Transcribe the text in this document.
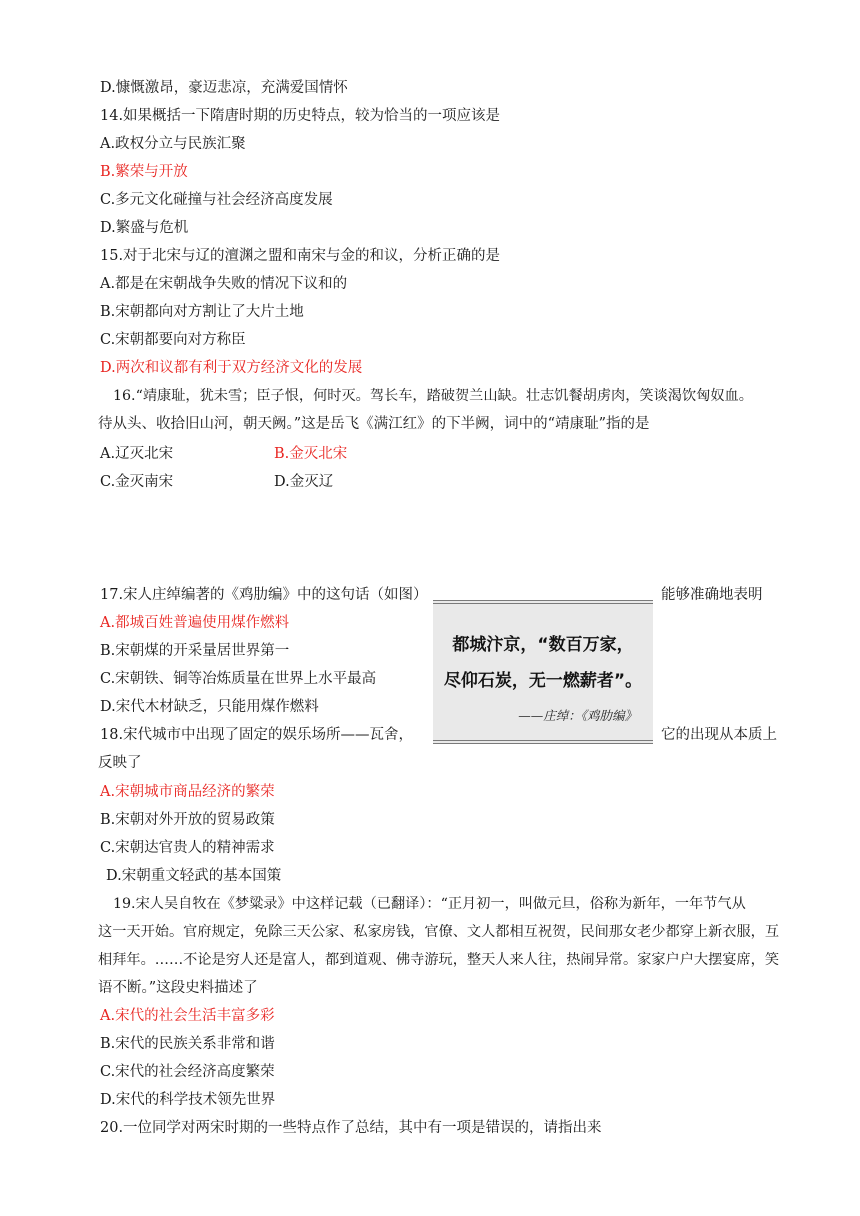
D.慷慨激昂，豪迈悲凉，充满爱国情怀

14.如果概括一下隋唐时期的历史特点，较为恰当的一项应该是

A.政权分立与民族汇聚

B.繁荣与开放

C.多元文化碰撞与社会经济高度发展

D.繁盛与危机

15.对于北宋与辽的澶渊之盟和南宋与金的和议，分析正确的是

A.都是在宋朝战争失败的情况下议和的

B.宋朝都向对方割让了大片土地

C.宋朝都要向对方称臣

D.两次和议都有利于双方经济文化的发展

16.“靖康耻，犹未雪；臣子恨，何时灭。驾长车，踏破贺兰山缺。壮志饥餐胡虏肉，笑谈渴饮匈奴血。

待从头、收拾旧山河，朝天阙。”这是岳飞《满江红》的下半阙，词中的“靖康耻”指的是

A.辽灭北宋	B.金灭北宋

C.金灭南宋	D.金灭辽

17.宋人庄绰编著的《鸡肋编》中的这句话（如图）	能够准确地表明

A.都城百姓普遍使用煤作燃料

B.宋朝煤的开采量居世界第一

C.宋朝铁、铜等冶炼质量在世界上水平最高

D.宋代木材缺乏，只能用煤作燃料

18.宋代城市中出现了固定的娱乐场所——瓦舍，	它的出现从本质上

都城汴京，“数百万家，
尽仰石炭，无一燃薪者”。
——庄绰：《鸡肋编》

反映了

A.宋朝城市商品经济的繁荣

B.宋朝对外开放的贸易政策

C.宋朝达官贵人的精神需求

D.宋朝重文轻武的基本国策

19.宋人吴自牧在《梦粱录》中这样记载（已翻译）：“正月初一，叫做元旦，俗称为新年，一年节气从

这一天开始。官府规定，免除三天公家、私家房钱，官僚、文人都相互祝贺，民间那女老少都穿上新衣服，互

相拜年。……不论是穷人还是富人，都到道观、佛寺游玩，整天人来人往，热闹异常。家家户户大摆宴席，笑

语不断。”这段史料描述了

A.宋代的社会生活丰富多彩

B.宋代的民族关系非常和谐

C.宋代的社会经济高度繁荣

D.宋代的科学技术领先世界

20.一位同学对两宋时期的一些特点作了总结，其中有一项是错误的，请指出来
